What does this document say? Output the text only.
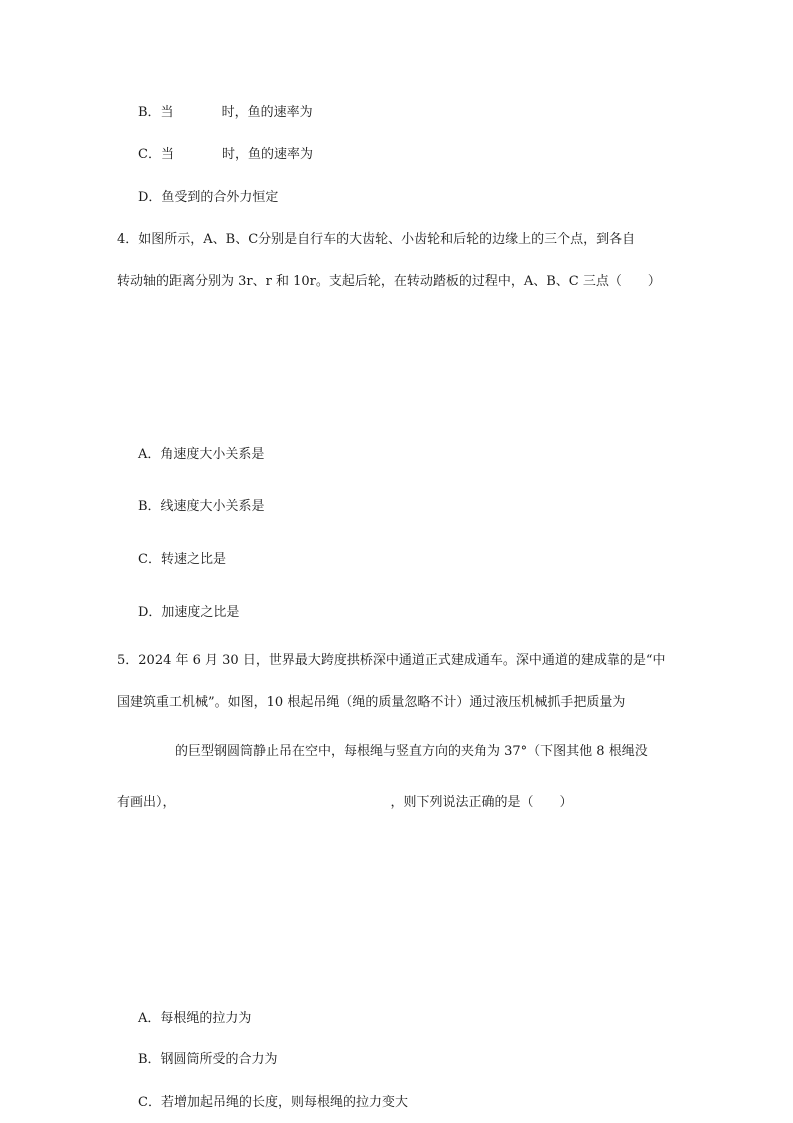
B．当	时，鱼的速率为
C．当	时，鱼的速率为
D．鱼受到的合外力恒定
4．如图所示，A、B、C分别是自行车的大齿轮、小齿轮和后轮的边缘上的三个点，到各自
转动轴的距离分别为 3r、r 和 10r。支起后轮，在转动踏板的过程中，A、B、C 三点（　　）
A．角速度大小关系是
B．线速度大小关系是
C．转速之比是
D．加速度之比是
5．2024 年 6 月 30 日，世界最大跨度拱桥深中通道正式建成通车。深中通道的建成靠的是“中
国建筑重工机械”。如图，10 根起吊绳（绳的质量忽略不计）通过液压机械抓手把质量为
的巨型钢圆筒静止吊在空中，每根绳与竖直方向的夹角为 37°（下图其他 8 根绳没
有画出），	，则下列说法正确的是（　　）
A．每根绳的拉力为
B．钢圆筒所受的合力为
C．若增加起吊绳的长度，则每根绳的拉力变大
